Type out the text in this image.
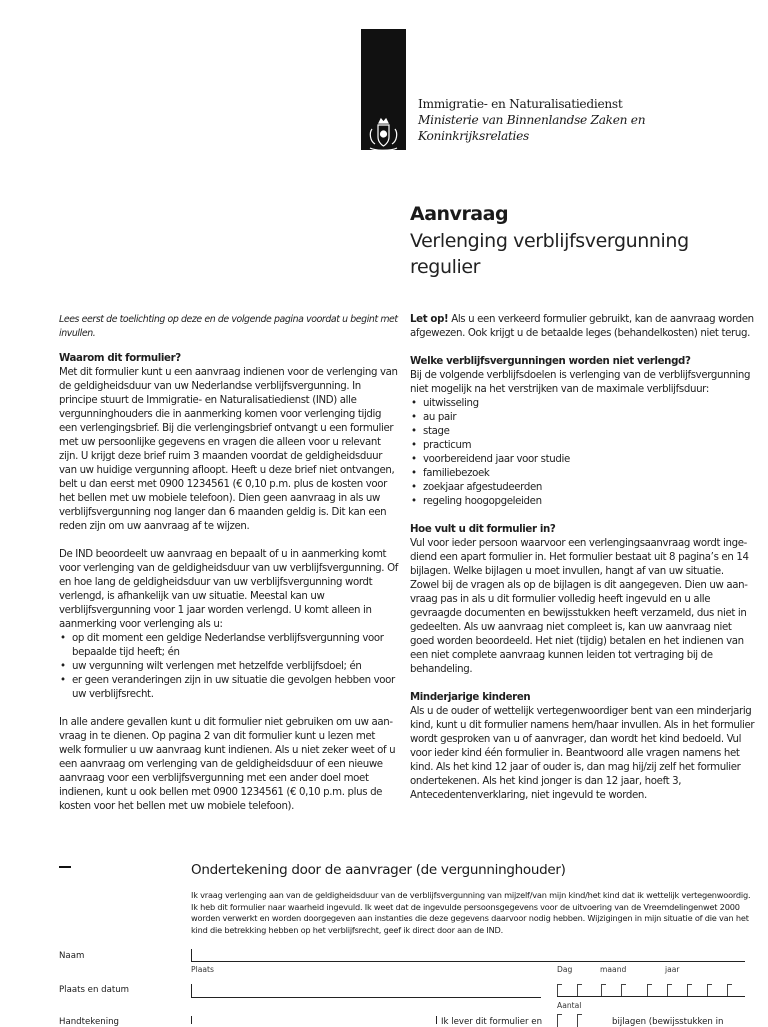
Immigratie- en Naturalisatiedienst
Ministerie van Binnenlandse Zaken en
Koninkrijksrelaties
Aanvraag
Verlenging verblijfsvergunning regulier

Lees eerst de toelichting op deze en de volgende pagina voordat u begint met invullen.

Waarom dit formulier?

Met dit formulier kunt u een aanvraag indienen voor de verlenging van de geldigheidsduur van uw Nederlandse verblijfsvergunning. In principe stuurt de Immigratie- en Naturalisatiedienst (IND) alle vergunninghouders die in aanmerking komen voor verlenging tijdig een verlengingsbrief. Bij die verlengingsbrief ontvangt u een formulier met uw persoonlijke gegevens en vragen die alleen voor u relevant zijn. U krijgt deze brief ruim 3 maanden voordat de geldigheidsduur van uw huidige vergunning afloopt. Heeft u deze brief niet ontvangen, belt u dan eerst met 0900 1234561 (€ 0,10 p.m. plus de kosten voor het bellen met uw mobiele telefoon). Dien geen aanvraag in als uw verblijfsvergunning nog langer dan 6 maanden geldig is. Dit kan een reden zijn om uw aanvraag af te wijzen.

De IND beoordeelt uw aanvraag en bepaalt of u in aanmerking komt voor verlenging van de geldigheidsduur van uw verblijfsvergunning. Of en hoe lang de geldigheidsduur van uw verblijfsvergunning wordt verlengd, is afhankelijk van uw situatie. Meestal kan uw verblijfsvergunning voor 1 jaar worden verlengd. U komt alleen in aanmerking voor verlenging als u:

• op dit moment een geldige Nederlandse verblijfsvergunning voor bepaalde tijd heeft; én
• uw vergunning wilt verlengen met hetzelfde verblijfsdoel; én
• er geen veranderingen zijn in uw situatie die gevolgen hebben voor uw verblijfsrecht.

In alle andere gevallen kunt u dit formulier niet gebruiken om uw aanvraag in te dienen. Op pagina 2 van dit formulier kunt u lezen met welk formulier u uw aanvraag kunt indienen. Als u niet zeker weet of u een aanvraag om verlenging van de geldigheidsduur of een nieuwe aanvraag voor een verblijfsvergunning met een ander doel moet indienen, kunt u ook bellen met 0900 1234561 (€ 0,10 p.m. plus de kosten voor het bellen met uw mobiele telefoon).

Let op! Als u een verkeerd formulier gebruikt, kan de aanvraag worden afgewezen. Ook krijgt u de betaalde leges (behandelkosten) niet terug.

Welke verblijfsvergunningen worden niet verlengd?

Bij de volgende verblijfsdoelen is verlenging van de verblijfsvergunning niet mogelijk na het verstrijken van de maximale verblijfsduur:

• uitwisseling
• au pair
• stage
• practicum
• voorbereidend jaar voor studie
• familiebezoek
• zoekjaar afgestudeerden
• regeling hoogopgeleiden

Hoe vult u dit formulier in?

Vul voor ieder persoon waarvoor een verlengingsaanvraag wordt ingediend een apart formulier in. Het formulier bestaat uit 8 pagina’s en 14 bijlagen. Welke bijlagen u moet invullen, hangt af van uw situatie. Zowel bij de vragen als op de bijlagen is dit aangegeven. Dien uw aanvraag pas in als u dit formulier volledig heeft ingevuld en u alle gevraagde documenten en bewijsstukken heeft verzameld, dus niet in gedeelten. Als uw aanvraag niet compleet is, kan uw aanvraag niet goed worden beoordeeld. Het niet (tijdig) betalen en het indienen van een niet complete aanvraag kunnen leiden tot vertraging bij de behandeling.

Minderjarige kinderen

Als u de ouder of wettelijk vertegenwoordiger bent van een minderjarig kind, kunt u dit formulier namens hem/haar invullen. Als in het formulier wordt gesproken van u of aanvrager, dan wordt het kind bedoeld. Vul voor ieder kind één formulier in. Beantwoord alle vragen namens het kind. Als het kind 12 jaar of ouder is, dan mag hij/zij zelf het formulier ondertekenen. Als het kind jonger is dan 12 jaar, hoeft 3, Antecedentenverklaring, niet ingevuld te worden.

Ondertekening door de aanvrager (de vergunninghouder)
Ik vraag verlenging aan van de geldigheidsduur van de verblijfsvergunning van mijzelf/van mijn kind/het kind dat ik wettelijk vertegenwoordig. Ik heb dit formulier naar waarheid ingevuld. Ik weet dat de ingevulde persoonsgegevens voor de uitvoering van de Vreemdelingenwet 2000 worden verwerkt en worden doorgegeven aan instanties die deze gegevens daarvoor nodig hebben. Wijzigingen in mijn situatie of die van het kind die betrekking hebben op het verblijfsrecht, geef ik direct door aan de IND.
Naam
Plaats	Dag	maand	jaar
Plaats en datum
Aantal
Handtekening	Ik lever dit formulier en	bijlagen (bewijsstukken in
